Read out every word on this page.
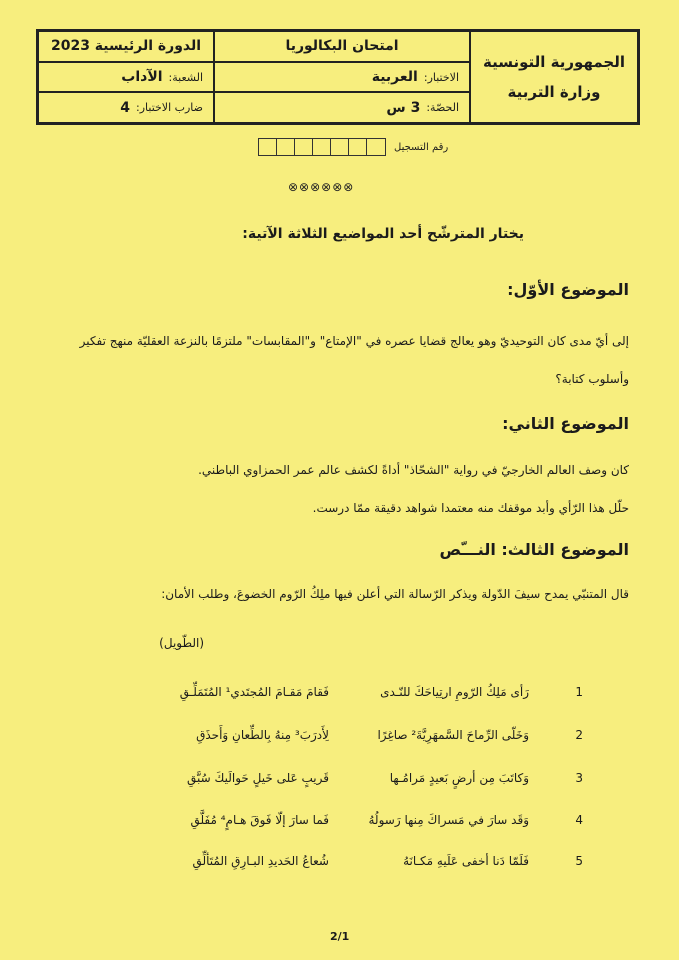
الجمهورية التونسية
وزارة التربية
امتحان البكالوريا
الاختبار:
العربية
الحصّة:
3 س
الدورة الرئيسية 2023
الشعبة:
الآداب
ضارب الاختبار:
4
رقم التسجيل
⊗⊗⊗⊗⊗⊗
يختار المترشّح أحد المواضيع الثلاثة الآتية:
الموضوع الأوّل:
إلى أيّ مدى كان التوحيديّ وهو يعالج قضايا عصره في "الإمتاع" و"المقابسات" ملتزمًا بالنزعة العقليّة منهج تفكير وأسلوب كتابة؟
الموضوع الثاني:
كان وصف العالم الخارجيّ في رواية "الشحّاذ" أداةً لكشف عالم عمر الحمزاوي الباطني.
حلّل هذا الرّأي وأبد موقفك منه معتمدا شواهد دقيقة ممّا درست.
الموضوع الثالث: النـــّص
قال المتنبّي يمدح سيفَ الدّولة ويذكر الرّسالة التي أعلن فيها ملِكُ الرّوم الخضوعَ، وطلب الأمان:
(الطّويل)
1
رَأى مَلِكُ الرّومِ ارتِياحَكَ للنّـدى
فَقامَ مَقـامَ المُجتَدي¹ المُتَمَلِّـقِ
2
وَخَلّى الرِّماحَ السَّمهَرِيَّةَ² صاغِرًا
لِأَدرَبَ³ مِنهُ بِالطِّعانِ وَأَحذَقِ
3
وَكاتَبَ مِن أرضٍ بَعيدٍ مَرامُـها
قَريبٍ عَلى خَيلٍ حَوالَيكَ سُبَّقِ
4
وَقَد سارَ في مَسراكَ مِنها رَسولُهُ
فَما سارَ إلّا فَوقَ هـامٍ⁴ مُفَلَّقِ
5
فَلَمّا دَنا أخفى عَلَيهِ مَكـانَهُ
شُعاعُ الحَديدِ البـارِقِ المُتَألِّقِ
2/1
